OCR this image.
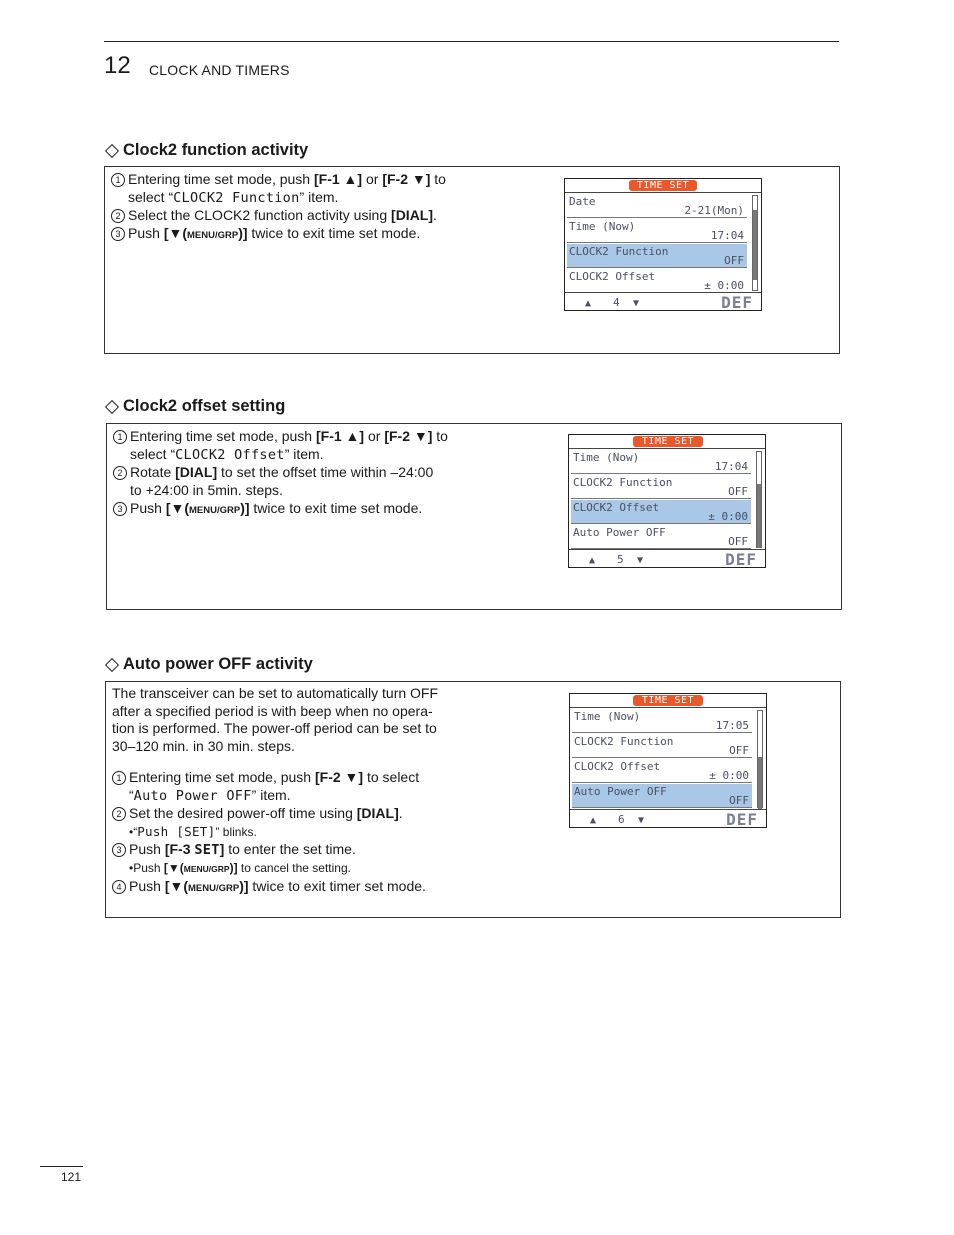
12 CLOCK AND TIMERS
Clock2 function activity
1 Entering time set mode, push [F-1 ▲] or [F-2 ▼] to
select “CLOCK2 Function” item.
2 Select the CLOCK2 function activity using [DIAL].
3 Push [▼(MENU/GRP)] twice to exit time set mode.
TIME SET
Date
2-21(Mon)
Time (Now)
17:04
CLOCK2 Function
OFF
CLOCK2 Offset
± 0:00
▲ 4 ▼	DEF
Clock2 offset setting
1 Entering time set mode, push [F-1 ▲] or [F-2 ▼] to
select “CLOCK2 Offset” item.
2 Rotate [DIAL] to set the offset time within –24:00
to +24:00 in 5min. steps.
3 Push [▼(MENU/GRP)] twice to exit time set mode.
TIME SET
Time (Now)
17:04
CLOCK2 Function
OFF
CLOCK2 Offset
± 0:00
Auto Power OFF
OFF
▲ 5 ▼	DEF
Auto power OFF activity
The transceiver can be set to automatically turn OFF
after a specified period is with beep when no opera-
tion is performed. The power-off period can be set to
30–120 min. in 30 min. steps.
1 Entering time set mode, push [F-2 ▼] to select
“Auto Power OFF” item.
2 Set the desired power-off time using [DIAL].
•“Push [SET]” blinks.
3 Push [F-3 SET] to enter the set time.
•Push [▼(MENU/GRP)] to cancel the setting.
4 Push [▼(MENU/GRP)] twice to exit timer set mode.
TIME SET
Time (Now)
17:05
CLOCK2 Function
OFF
CLOCK2 Offset
± 0:00
Auto Power OFF
OFF
▲ 6 ▼	DEF
121
